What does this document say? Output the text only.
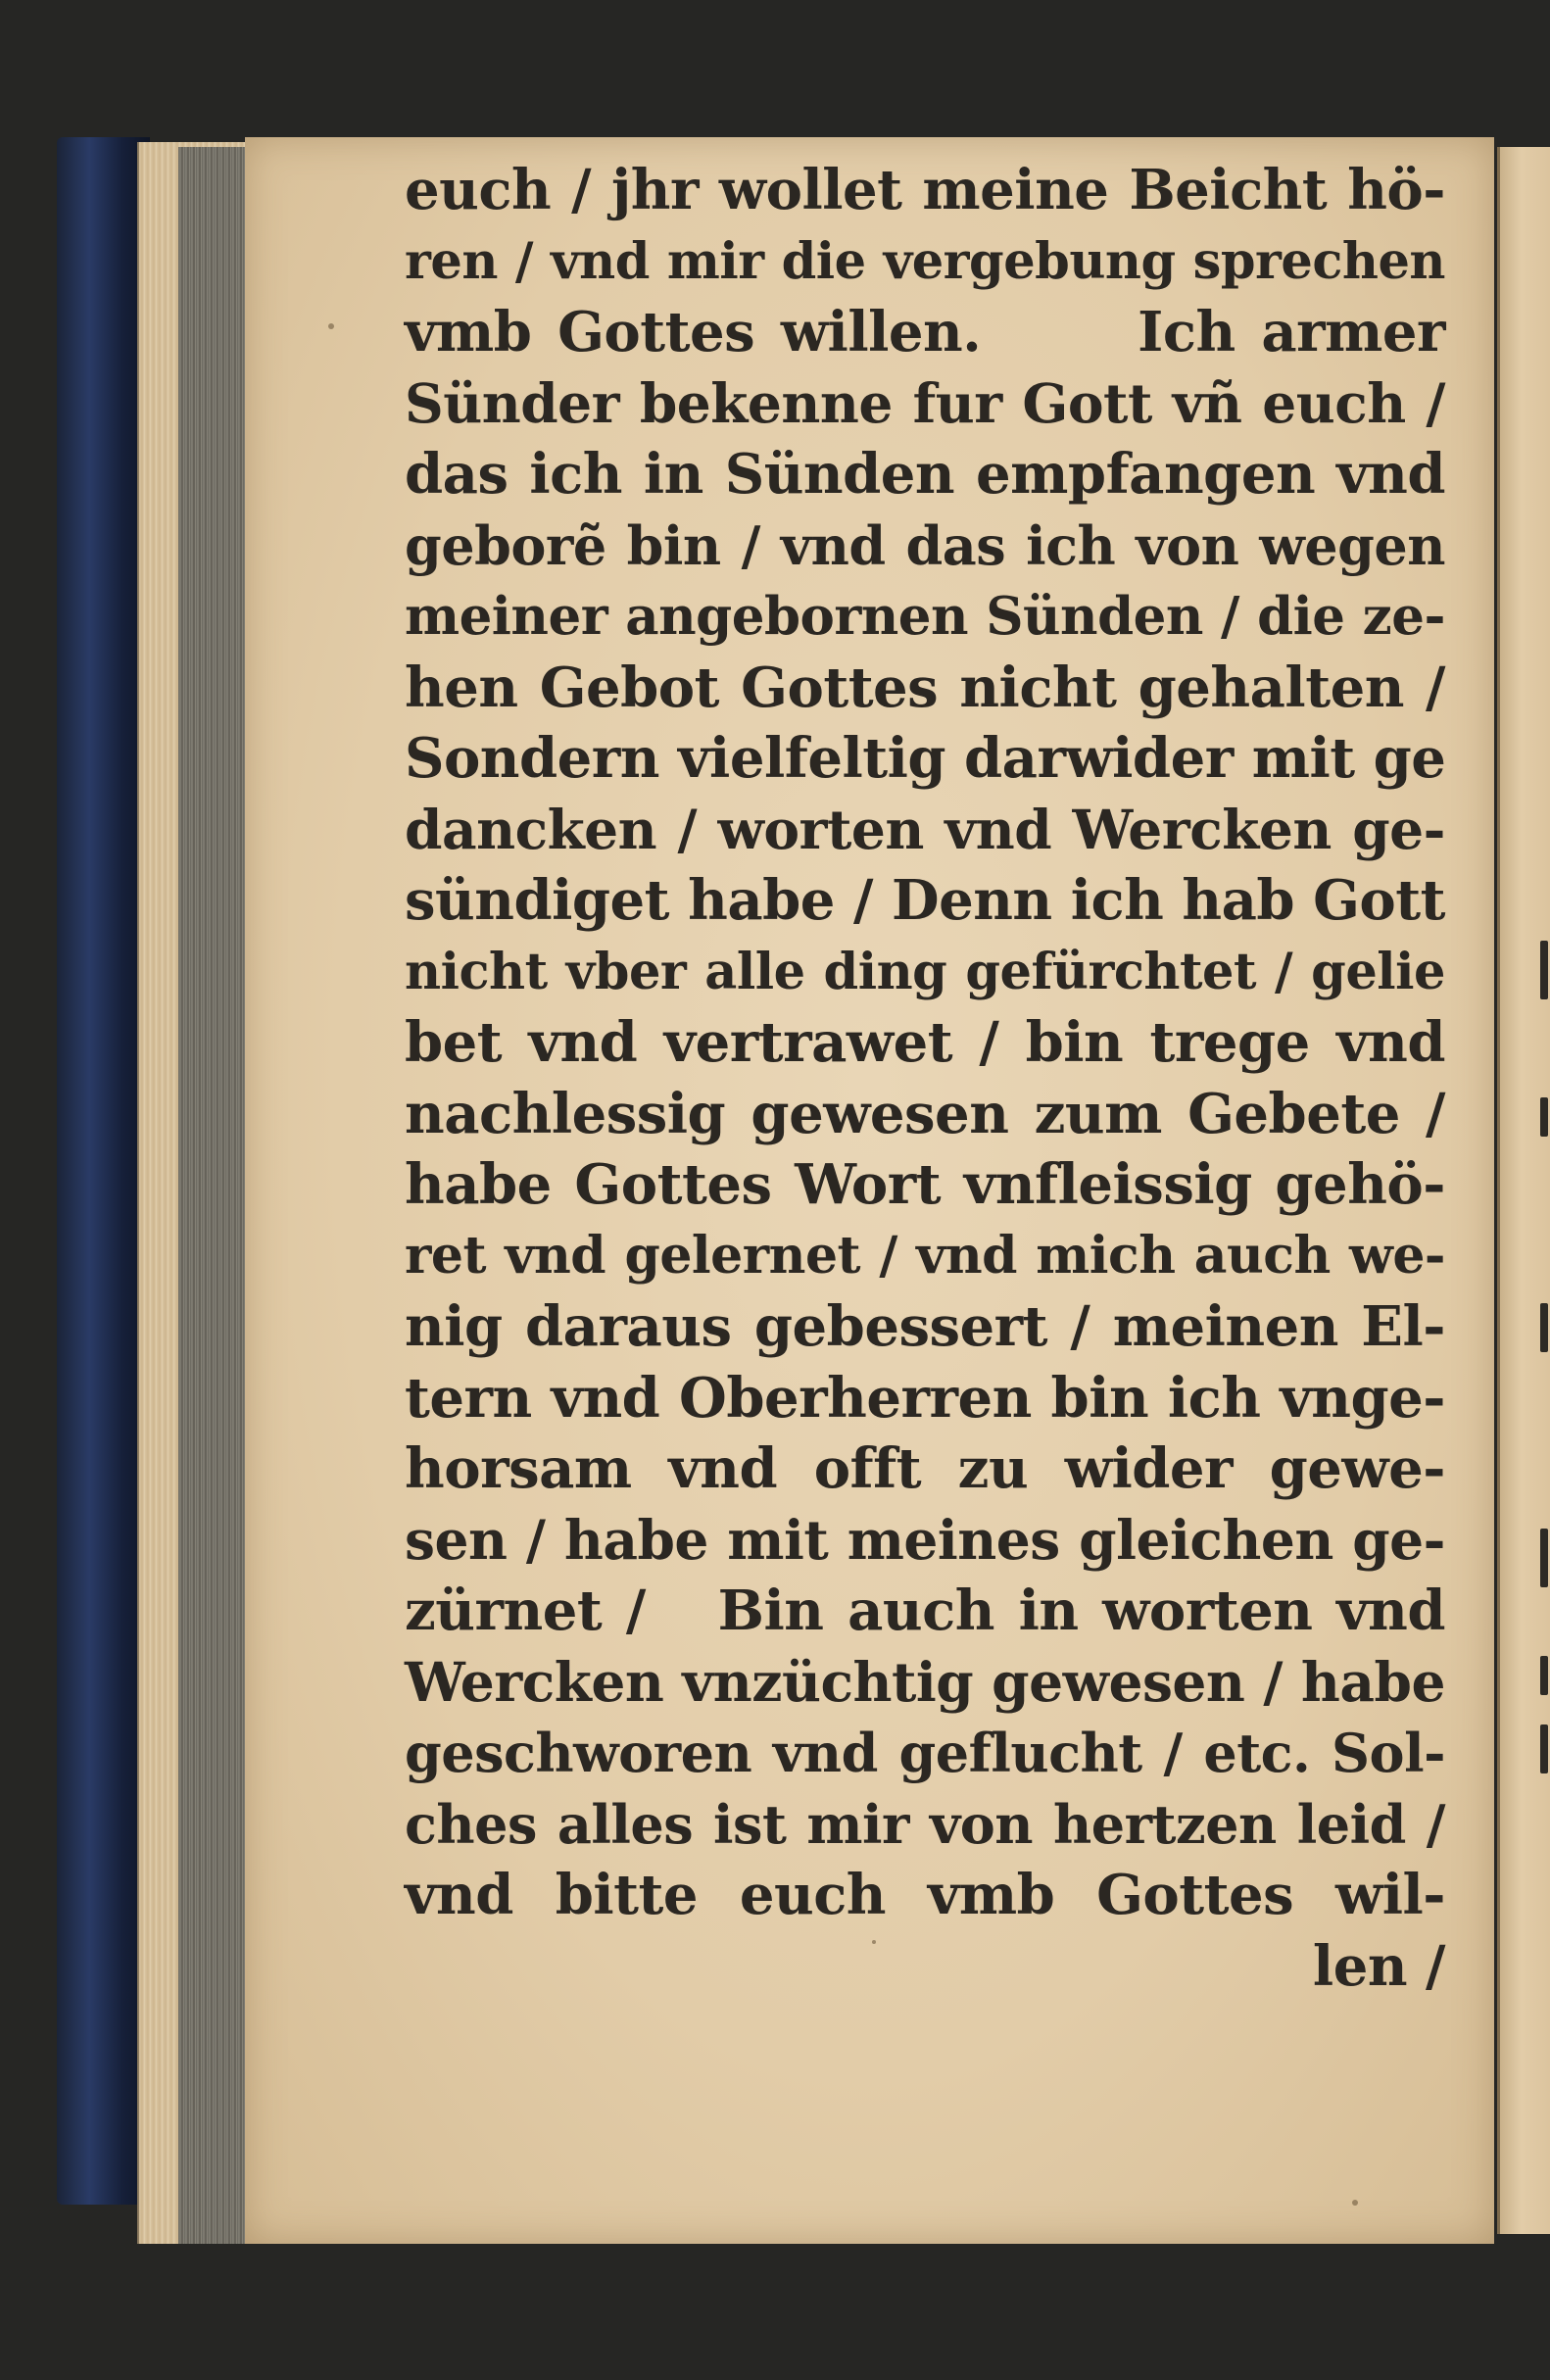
euch / jhr wollet meine Beicht hö-
ren / vnd mir die vergebung sprechen
vmb Gottes willen.      Ich armer
Sünder bekenne fur Gott vñ euch /
das ich in Sünden empfangen vnd
geborẽ bin / vnd das ich von wegen
meiner angebornen Sünden / die ze-
hen Gebot Gottes nicht gehalten /
Sondern vielfeltig darwider mit ge
dancken / worten vnd Wercken ge-
sündiget habe / Denn ich hab Gott
nicht vber alle ding gefürchtet / gelie
bet vnd vertrawet / bin trege vnd
nachlessig gewesen zum Gebete /
habe Gottes Wort vnfleissig gehö-
ret vnd gelernet / vnd mich auch we-
nig daraus gebessert / meinen El-
tern vnd Oberherren bin ich vnge-
horsam vnd offt zu wider gewe-
sen / habe mit meines gleichen ge-
zürnet /   Bin auch in worten vnd
Wercken vnzüchtig gewesen / habe
geschworen vnd geflucht / etc. Sol-
ches alles ist mir von hertzen leid /
vnd bitte euch vmb Gottes wil-
len /
